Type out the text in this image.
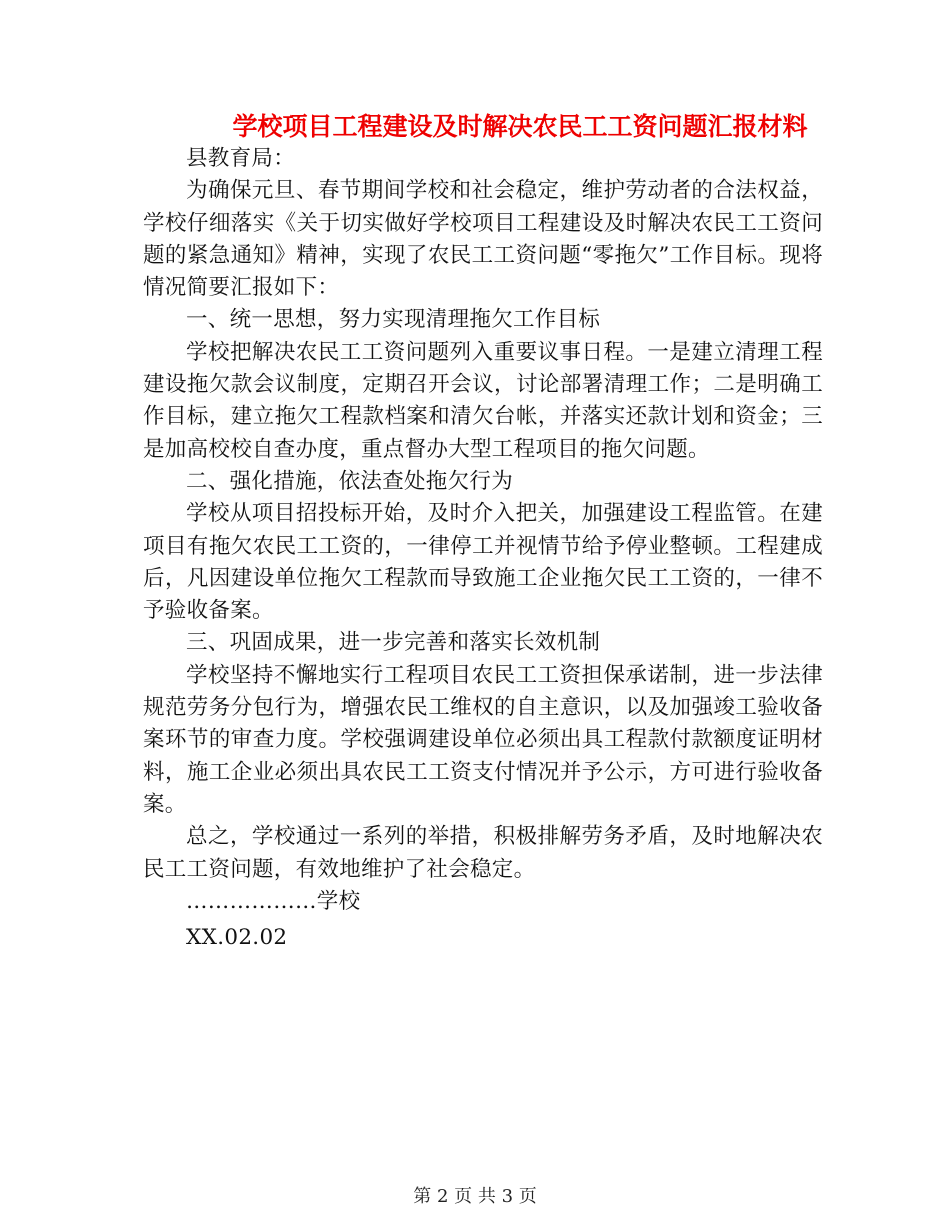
学校项目工程建设及时解决农民工工资问题汇报材料

县教育局：

为确保元旦、春节期间学校和社会稳定，维护劳动者的合法权益，学校仔细落实《关于切实做好学校项目工程建设及时解决农民工工资问题的紧急通知》精神，实现了农民工工资问题“零拖欠”工作目标。现将情况简要汇报如下：

一、统一思想，努力实现清理拖欠工作目标

学校把解决农民工工资问题列入重要议事日程。一是建立清理工程建设拖欠款会议制度，定期召开会议，讨论部署清理工作；二是明确工作目标，建立拖欠工程款档案和清欠台帐，并落实还款计划和资金；三是加高校校自查办度，重点督办大型工程项目的拖欠问题。

二、强化措施，依法查处拖欠行为

学校从项目招投标开始，及时介入把关，加强建设工程监管。在建项目有拖欠农民工工资的，一律停工并视情节给予停业整顿。工程建成后，凡因建设单位拖欠工程款而导致施工企业拖欠民工工资的，一律不予验收备案。

三、巩固成果，进一步完善和落实长效机制

学校坚持不懈地实行工程项目农民工工资担保承诺制，进一步法律规范劳务分包行为，增强农民工维权的自主意识，以及加强竣工验收备案环节的审查力度。学校强调建设单位必须出具工程款付款额度证明材料，施工企业必须出具农民工工资支付情况并予公示，方可进行验收备案。

总之，学校通过一系列的举措，积极排解劳务矛盾，及时地解决农民工工资问题，有效地维护了社会稳定。

………………学校

XX.02.02

第 2 页 共 3 页
